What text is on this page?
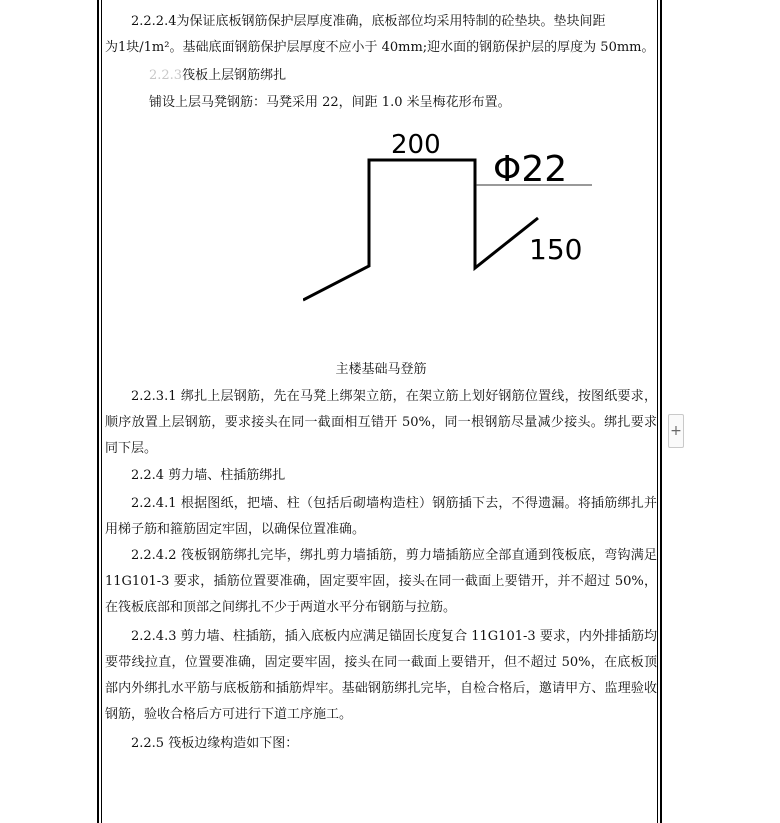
2.2.2.4为保证底板钢筋保护层厚度准确，底板部位均采用特制的砼垫块。垫块间距
为1块/1m²。基础底面钢筋保护层厚度不应小于 40mm;迎水面的钢筋保护层的厚度为 50mm。
2.2.3筏板上层钢筋绑扎
铺设上层马凳钢筋：马凳采用 22，间距 1.0 米呈梅花形布置。
200
Φ22
150
主楼基础马登筋
2.2.3.1 绑扎上层钢筋，先在马凳上绑架立筋，在架立筋上划好钢筋位置线，按图纸要求，顺序放置上层钢筋，要求接头在同一截面相互错开 50%，同一根钢筋尽量减少接头。绑扎要求同下层。
2.2.4 剪力墙、柱插筋绑扎
2.2.4.1 根据图纸，把墙、柱（包括后砌墙构造柱）钢筋插下去，不得遗漏。将插筋绑扎并用梯子筋和箍筋固定牢固，以确保位置准确。
2.2.4.2 筏板钢筋绑扎完毕，绑扎剪力墙插筋，剪力墙插筋应全部直通到筏板底，弯钩满足 11G101-3 要求，插筋位置要准确，固定要牢固，接头在同一截面上要错开，并不超过 50%，在筏板底部和顶部之间绑扎不少于两道水平分布钢筋与拉筋。
2.2.4.3 剪力墙、柱插筋，插入底板内应满足锚固长度复合 11G101-3 要求，内外排插筋均要带线拉直，位置要准确，固定要牢固，接头在同一截面上要错开，但不超过 50%，在底板顶部内外绑扎水平筋与底板筋和插筋焊牢。基础钢筋绑扎完毕，自检合格后，邀请甲方、监理验收钢筋，验收合格后方可进行下道工序施工。
2.2.5 筏板边缘构造如下图：
+
